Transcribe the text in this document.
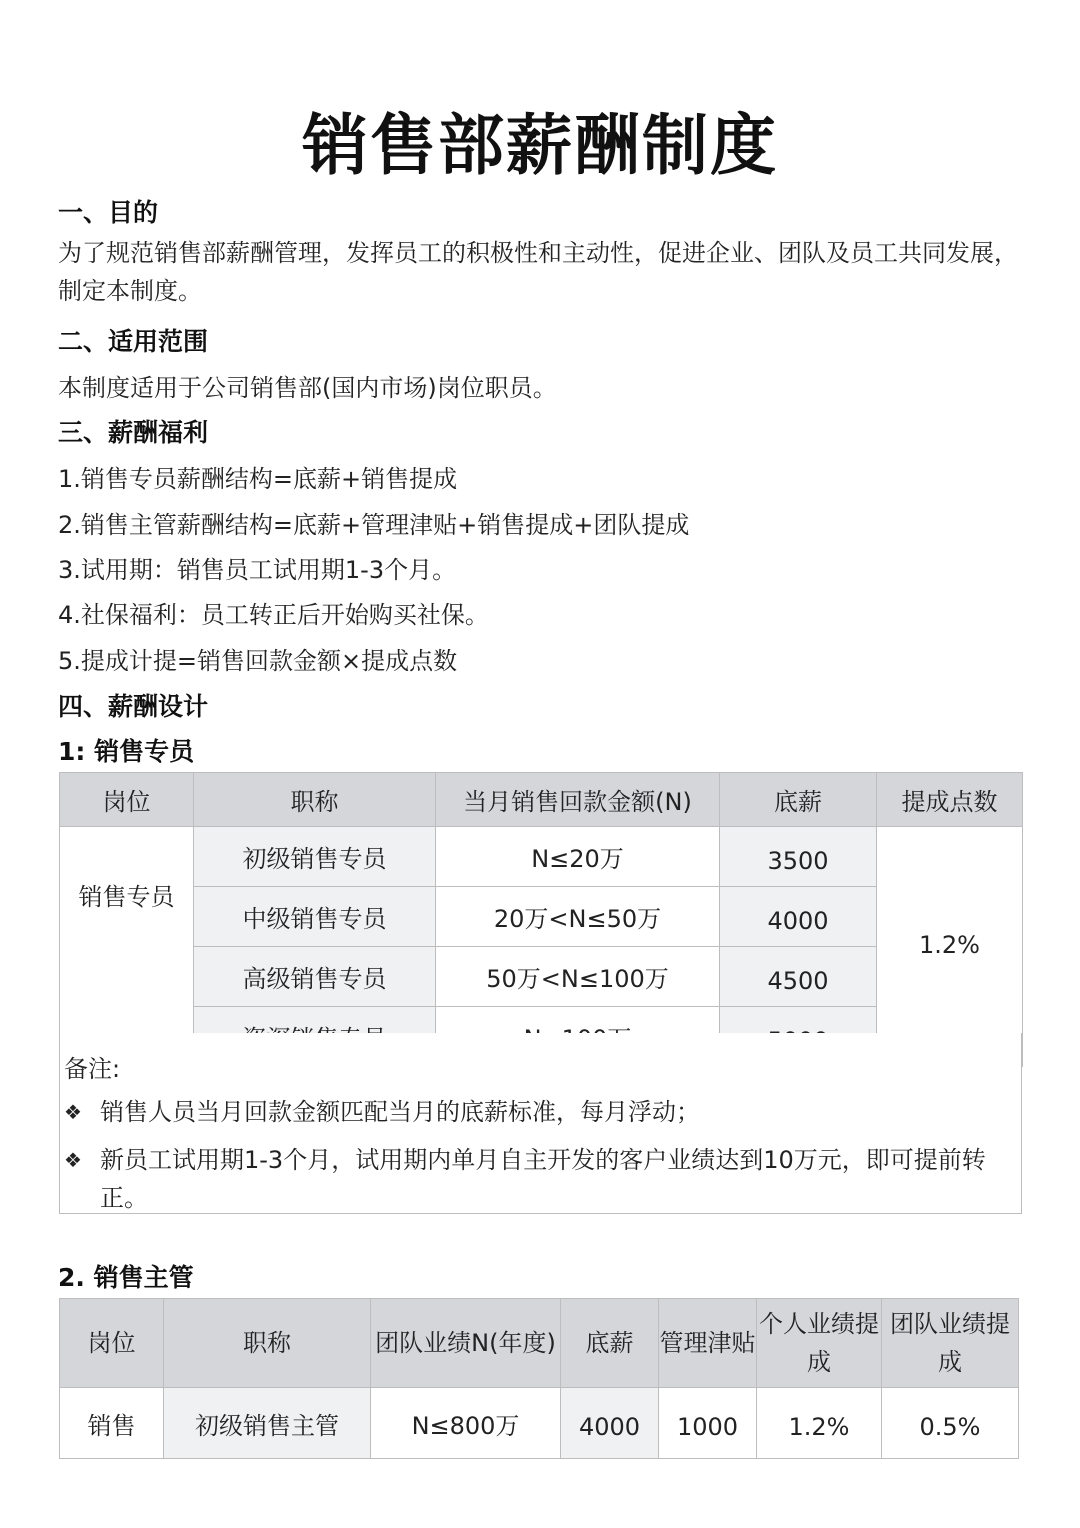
销售部薪酬制度
一、目的
为了规范销售部薪酬管理，发挥员工的积极性和主动性，促进企业、团队及员工共同发展，制定本制度。
二、适用范围
本制度适用于公司销售部(国内市场)岗位职员。
三、薪酬福利
1.销售专员薪酬结构=底薪+销售提成
2.销售主管薪酬结构=底薪+管理津贴+销售提成+团队提成
3.试用期：销售员工试用期1-3个月。
4.社保福利：员工转正后开始购买社保。
5.提成计提=销售回款金额×提成点数
四、薪酬设计
1: 销售专员
岗位	职称	当月销售回款金额(N)	底薪	提成点数
销售专员	初级销售专员	N≤20万	3500	1.2%
	中级销售专员	20万<N≤50万	4000	
	高级销售专员	50万<N≤100万	4500	

备注:
❖ 销售人员当月回款金额匹配当月的底薪标准，每月浮动；
❖ 新员工试用期1-3个月，试用期内单月自主开发的客户业绩达到10万元，即可提前转正。
2. 销售主管
岗位	职称	团队业绩N(年度)	底薪	管理津贴	个人业绩提成	团队业绩提成
销售	初级销售主管	N≤800万	4000	1000	1.2%	0.5%
